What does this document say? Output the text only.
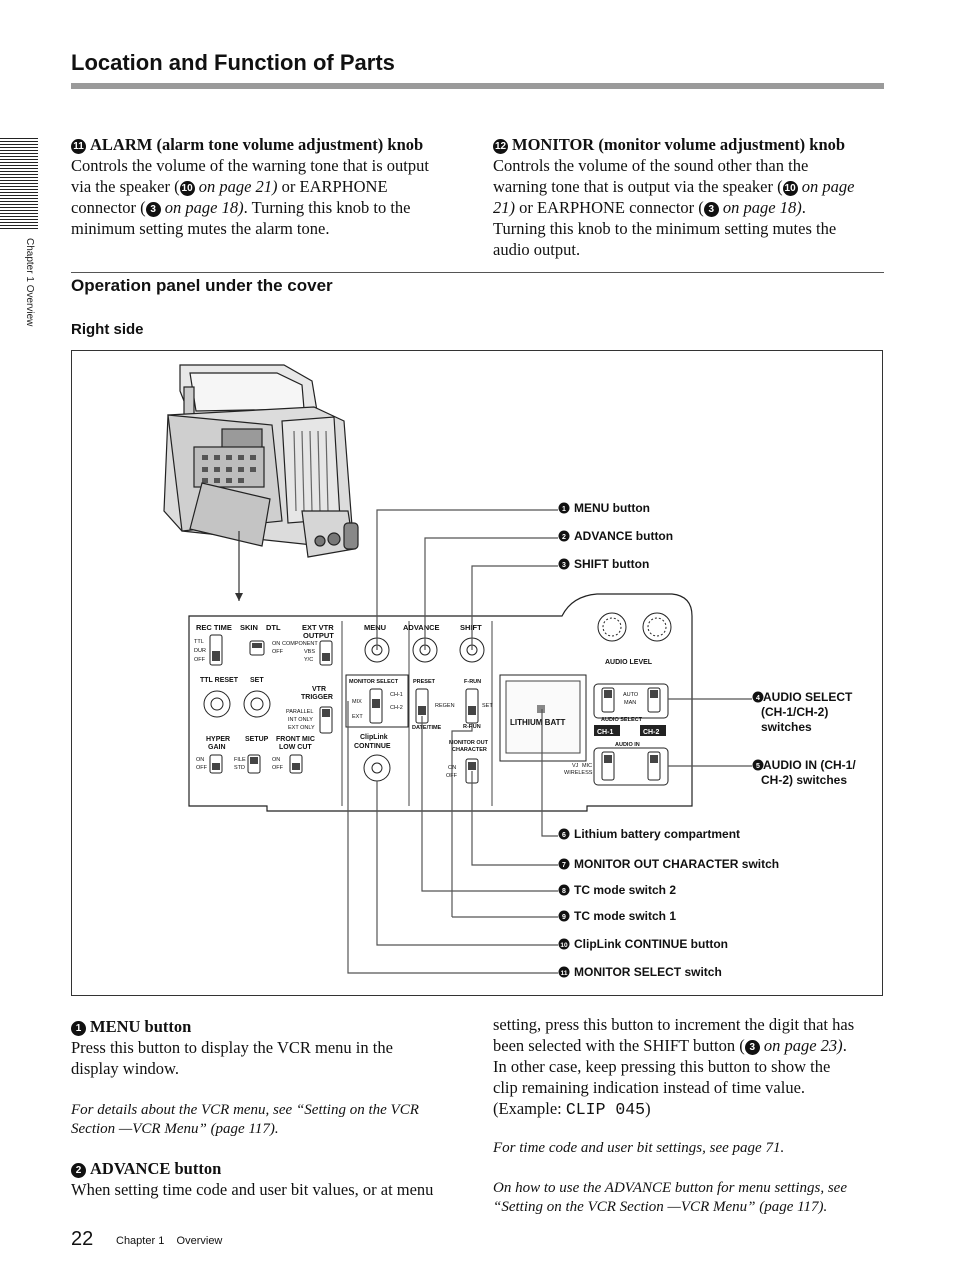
Location and Function of Parts
Chapter 1 Overview
11 ALARM (alarm tone volume adjustment) knob
Controls the volume of the warning tone that is output
via the speaker ( 10 on page 21) or EARPHONE
connector ( 3 on page 18). Turning this knob to the
minimum setting mutes the alarm tone.
12 MONITOR (monitor volume adjustment) knob
Controls the volume of the sound other than the
warning tone that is output via the speaker ( 10 on page
21) or EARPHONE connector ( 3 on page 18).
Turning this knob to the minimum setting mutes the
audio output.
Operation panel under the cover
Right side
REC TIME SKIN DTL	EXT VTR
OUTPUT
MENU ADVANCE	SHIFT
TTL
DUR
OFF
ON
OFF
COMPONENT
VBS
Y/C
TTL RESET SET
VTR
TRIGGER
PARALLEL
INT ONLY
EXT ONLY
HYPER
GAIN
SETUP FRONT MIC
LOW CUT
ON
OFF
FILE
STD
ON
OFF
MONITOR SELECT
MIX
EXT
CH-1
CH-2
ClipLink
CONTINUE
PRESET
REGEN
DATE/TIME
F-RUN
SET
R-RUN
MONITOR OUT
CHARACTER
ON
OFF
LITHIUM BATT
AUDIO LEVEL
AUTO
MAN
AUDIO SELECT
AUDIO IN
VJ MIC
WIRELESS
CH-1	CH-2
1 MENU button
2 ADVANCE button
3 SHIFT button
4 AUDIO SELECT
(CH-1/CH-2)
switches
5 AUDIO IN (CH-1/
CH-2) switches
6 Lithium battery compartment
7 MONITOR OUT CHARACTER switch
8 TC mode switch 2
9 TC mode switch 1
10 ClipLink CONTINUE button
11 MONITOR SELECT switch
1 MENU button
Press this button to display the VCR menu in the
display window.
For details about the VCR menu, see “Setting on the VCR
Section —VCR Menu” (page 117).
2 ADVANCE button
When setting time code and user bit values, or at menu
setting, press this button to increment the digit that has
been selected with the SHIFT button ( 3 on page 23).
In other case, keep pressing this button to show the
clip remaining indication instead of time value.
(Example: CLIP 045)
For time code and user bit settings, see page 71.
On how to use the ADVANCE button for menu settings, see
“Setting on the VCR Section —VCR Menu” (page 117).
22 Chapter 1    Overview
